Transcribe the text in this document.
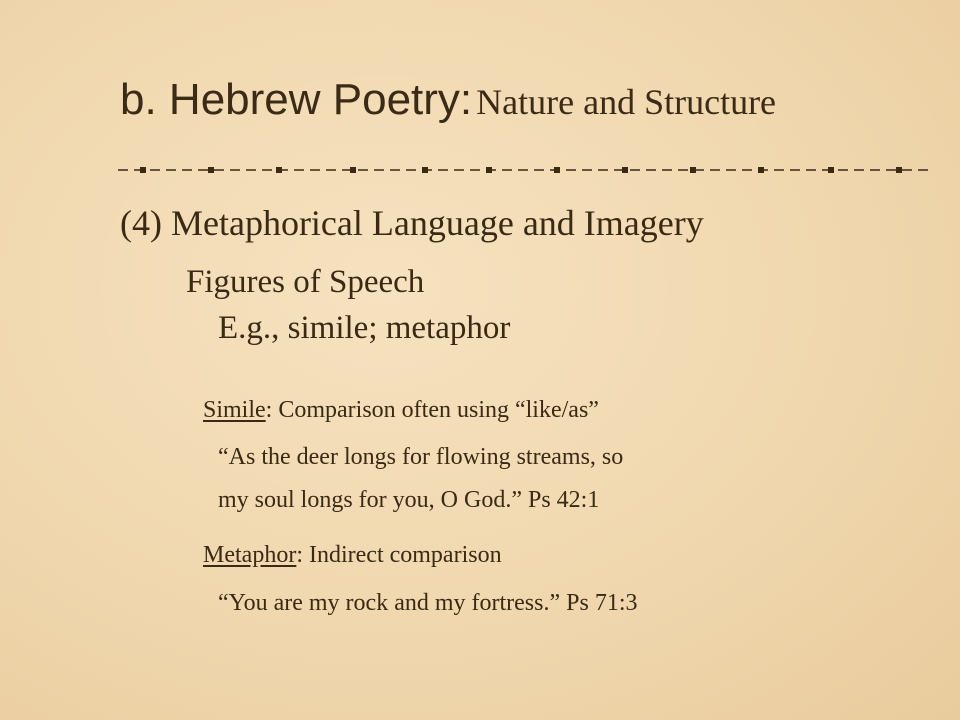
b. Hebrew Poetry: Nature and Structure
(4) Metaphorical Language and Imagery
Figures of Speech
E.g., simile; metaphor
Simile: Comparison often using “like/as”
“As the deer longs for flowing streams, so
my soul longs for you, O God.” Ps 42:1
Metaphor: Indirect comparison
“You are my rock and my fortress.” Ps 71:3
